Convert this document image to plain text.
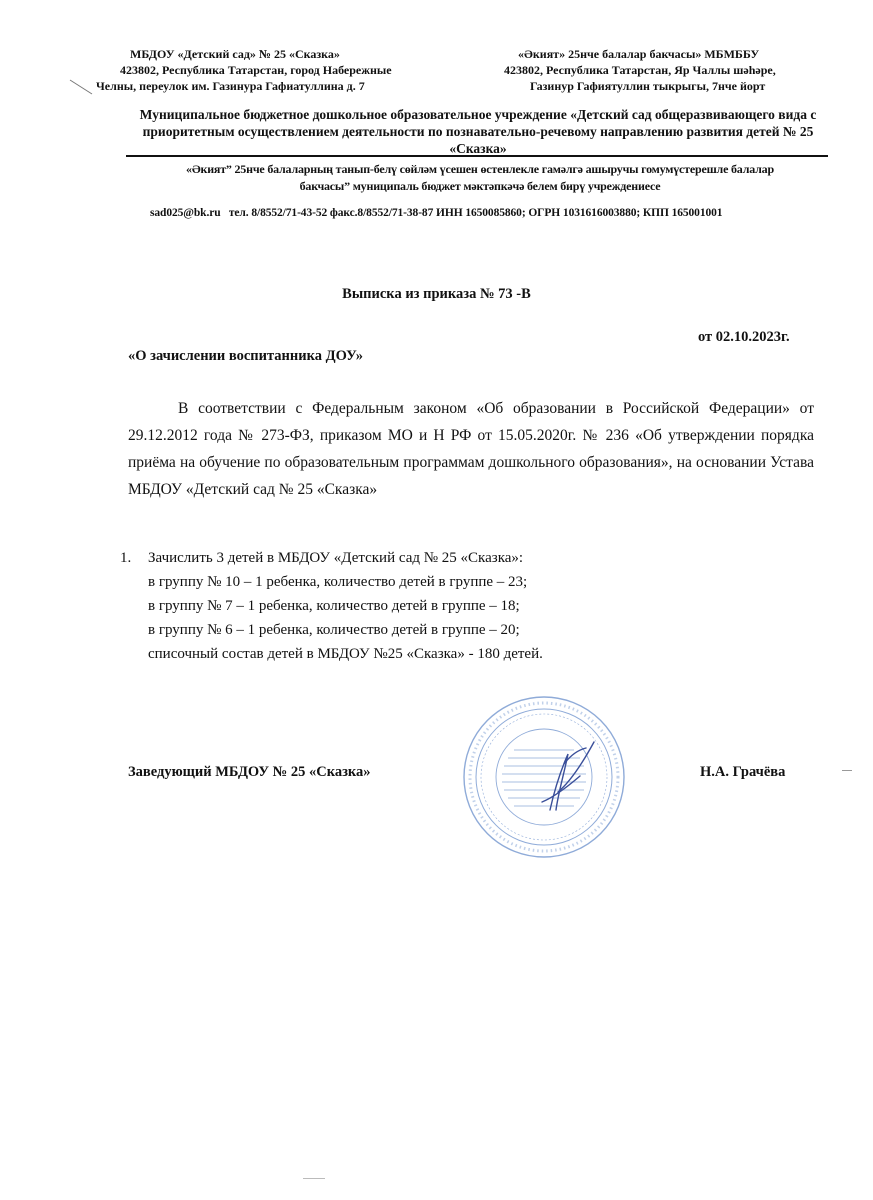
МБДОУ «Детский сад» № 25 «Сказка»
423802, Республика Татарстан, город Набережные
Челны, переулок им. Газинура Гафиатуллина д. 7
«Әкият» 25нче балалар бакчасы» МБМББУ
423802, Республика Татарстан, Яр Чаллы шәһәре,
Газинур Гафиятуллин тыкрыгы, 7нче йорт
Муниципальное бюджетное дошкольное образовательное учреждение «Детский сад общеразвивающего вида с приоритетным осуществлением деятельности по познавательно-речевому направлению развития детей № 25 «Сказка»
«Әкият” 25нче балаларның танып-белү сөйләм үсешен өстенлекле гамәлгә ашыручы гомумүстерешле балалар
бакчасы” муниципаль бюджет мәктәпкәчә белем бирү учреждениесе
sad025@bk.ru тел. 8/8552/71-43-52 факс.8/8552/71-38-87 ИНН 1650085860; ОГРН 1031616003880; КПП 165001001
Выписка из приказа № 73 -В
от 02.10.2023г.
«О зачислении воспитанника ДОУ»
В соответствии с Федеральным законом «Об образовании в Российской Федерации» от 29.12.2012 года № 273-ФЗ, приказом МО и Н РФ от 15.05.2020г. № 236 «Об утверждении порядка приёма на обучение по образовательным программам дошкольного образования», на основании Устава МБДОУ «Детский сад № 25 «Сказка»
1. Зачислить 3 детей в МБДОУ «Детский сад № 25 «Сказка»:
в группу № 10 – 1 ребенка, количество детей в группе – 23;
в группу № 7 – 1 ребенка, количество детей в группе – 18;
в группу № 6 – 1 ребенка, количество детей в группе – 20;
списочный состав детей в МБДОУ №25 «Сказка» - 180 детей.
Заведующий МБДОУ № 25 «Сказка»	Н.А. Грачёва
